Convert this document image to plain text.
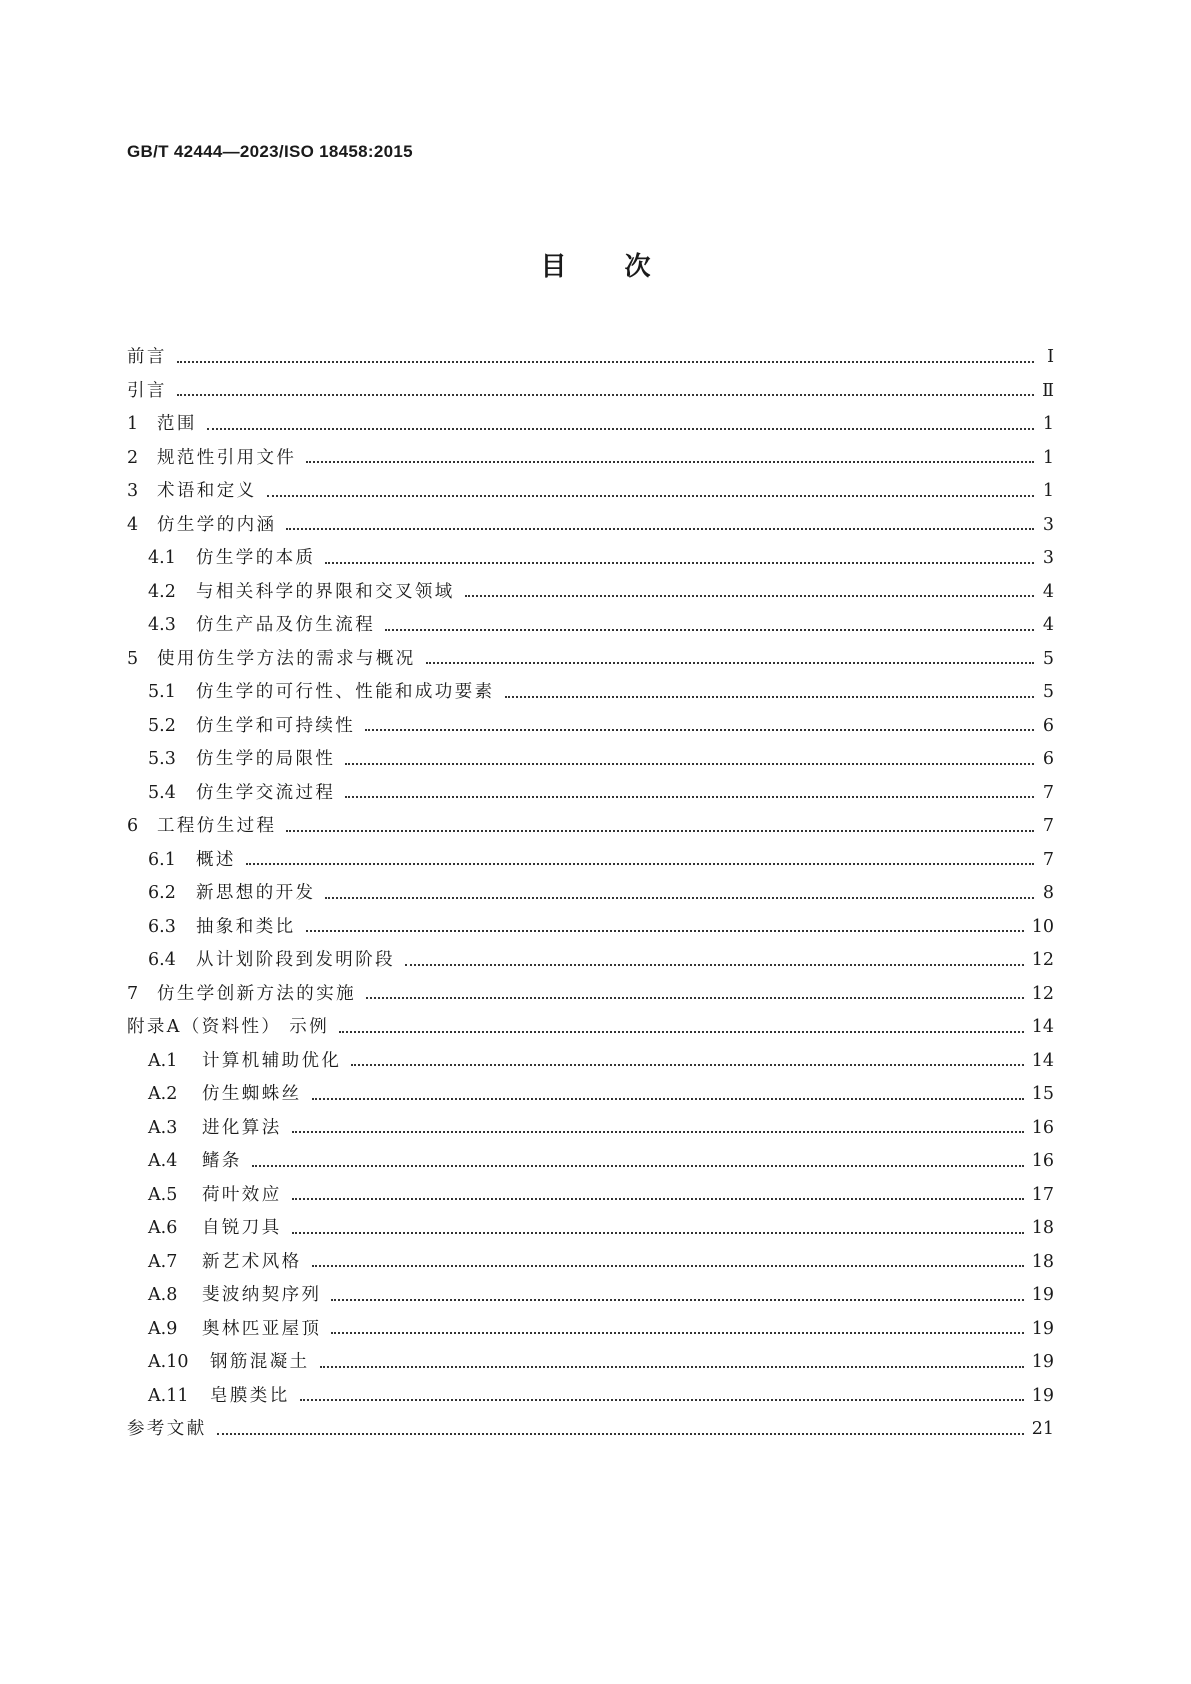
GB/T 42444—2023/ISO 18458:2015
目次
前言	Ⅰ
引言	Ⅱ
1	范围	1
2	规范性引用文件	1
3	术语和定义	1
4	仿生学的内涵	3
4.1	仿生学的本质	3
4.2	与相关科学的界限和交叉领域	4
4.3	仿生产品及仿生流程	4
5	使用仿生学方法的需求与概况	5
5.1	仿生学的可行性、性能和成功要素	5
5.2	仿生学和可持续性	6
5.3	仿生学的局限性	6
5.4	仿生学交流过程	7
6	工程仿生过程	7
6.1	概述	7
6.2	新思想的开发	8
6.3	抽象和类比	10
6.4	从计划阶段到发明阶段	12
7	仿生学创新方法的实施	12
附录A（资料性） 示例	14
A.1	计算机辅助优化	14
A.2	仿生蜘蛛丝	15
A.3	进化算法	16
A.4	鳍条	16
A.5	荷叶效应	17
A.6	自锐刀具	18
A.7	新艺术风格	18
A.8	斐波纳契序列	19
A.9	奥林匹亚屋顶	19
A.10	钢筋混凝土	19
A.11	皂膜类比	19
参考文献	21
